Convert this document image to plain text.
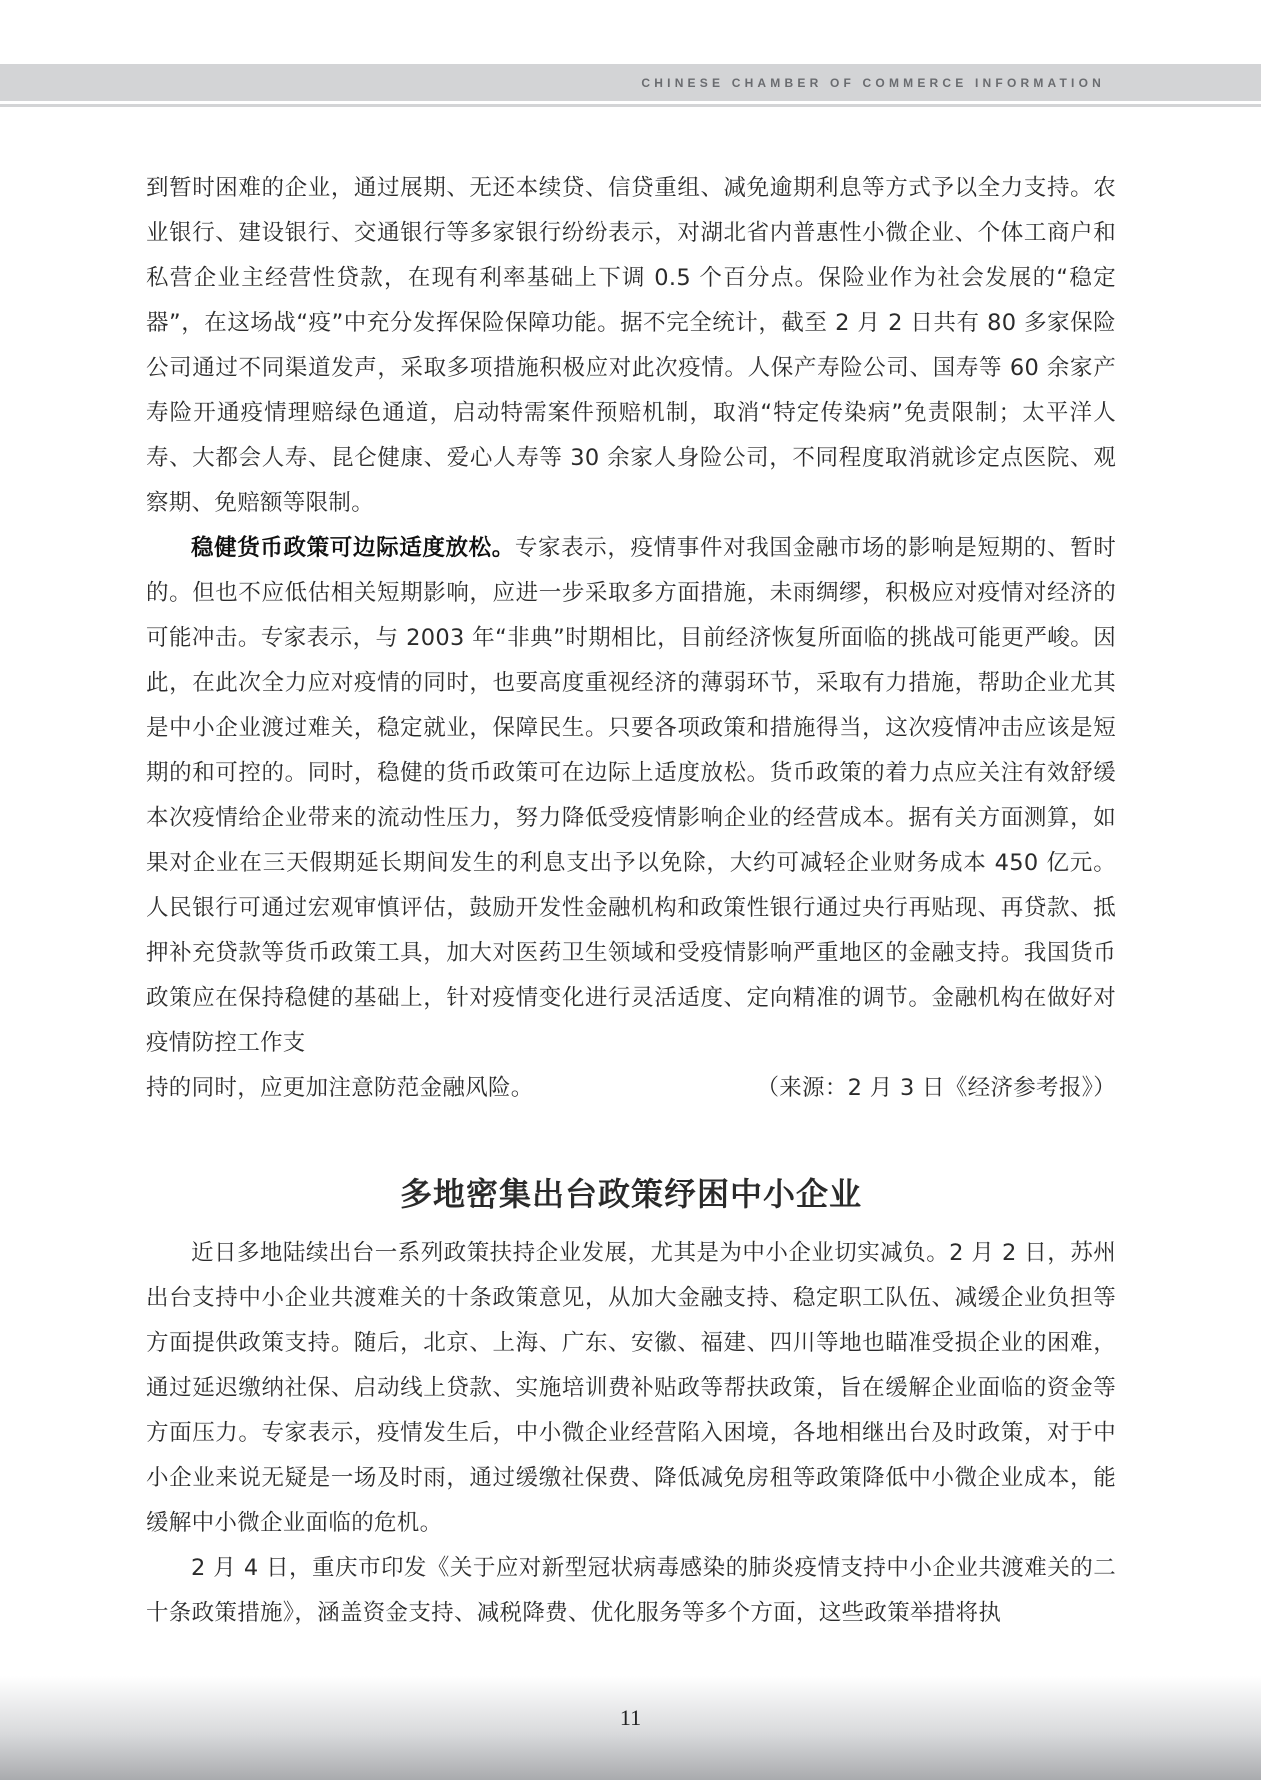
CHINESE CHAMBER OF COMMERCE INFORMATION

到暂时困难的企业，通过展期、无还本续贷、信贷重组、减免逾期利息等方式予以全力支持。农业银行、建设银行、交通银行等多家银行纷纷表示，对湖北省内普惠性小微企业、个体工商户和私营企业主经营性贷款，在现有利率基础上下调 0.5 个百分点。保险业作为社会发展的“稳定器”，在这场战“疫”中充分发挥保险保障功能。据不完全统计，截至 2 月 2 日共有 80 多家保险公司通过不同渠道发声，采取多项措施积极应对此次疫情。人保产寿险公司、国寿等 60 余家产寿险开通疫情理赔绿色通道，启动特需案件预赔机制，取消“特定传染病”免责限制；太平洋人寿、大都会人寿、昆仑健康、爱心人寿等 30 余家人身险公司，不同程度取消就诊定点医院、观察期、免赔额等限制。

稳健货币政策可边际适度放松。专家表示，疫情事件对我国金融市场的影响是短期的、暂时的。但也不应低估相关短期影响，应进一步采取多方面措施，未雨绸缪，积极应对疫情对经济的可能冲击。专家表示，与 2003 年“非典”时期相比，目前经济恢复所面临的挑战可能更严峻。因此，在此次全力应对疫情的同时，也要高度重视经济的薄弱环节，采取有力措施，帮助企业尤其是中小企业渡过难关，稳定就业，保障民生。只要各项政策和措施得当，这次疫情冲击应该是短期的和可控的。同时，稳健的货币政策可在边际上适度放松。货币政策的着力点应关注有效舒缓本次疫情给企业带来的流动性压力，努力降低受疫情影响企业的经营成本。据有关方面测算，如果对企业在三天假期延长期间发生的利息支出予以免除，大约可减轻企业财务成本 450 亿元。人民银行可通过宏观审慎评估，鼓励开发性金融机构和政策性银行通过央行再贴现、再贷款、抵押补充贷款等货币政策工具，加大对医药卫生领域和受疫情影响严重地区的金融支持。我国货币政策应在保持稳健的基础上，针对疫情变化进行灵活适度、定向精准的调节。金融机构在做好对疫情防控工作支

持的同时，应更加注意防范金融风险。	（来源：2 月 3 日《经济参考报》）
多地密集出台政策纾困中小企业

近日多地陆续出台一系列政策扶持企业发展，尤其是为中小企业切实减负。2 月 2 日，苏州出台支持中小企业共渡难关的十条政策意见，从加大金融支持、稳定职工队伍、减缓企业负担等方面提供政策支持。随后，北京、上海、广东、安徽、福建、四川等地也瞄准受损企业的困难，通过延迟缴纳社保、启动线上贷款、实施培训费补贴政等帮扶政策，旨在缓解企业面临的资金等方面压力。专家表示，疫情发生后，中小微企业经营陷入困境，各地相继出台及时政策，对于中小企业来说无疑是一场及时雨，通过缓缴社保费、降低减免房租等政策降低中小微企业成本，能缓解中小微企业面临的危机。

2 月 4 日，重庆市印发《关于应对新型冠状病毒感染的肺炎疫情支持中小企业共渡难关的二十条政策措施》，涵盖资金支持、减税降费、优化服务等多个方面，这些政策举措将执

11
